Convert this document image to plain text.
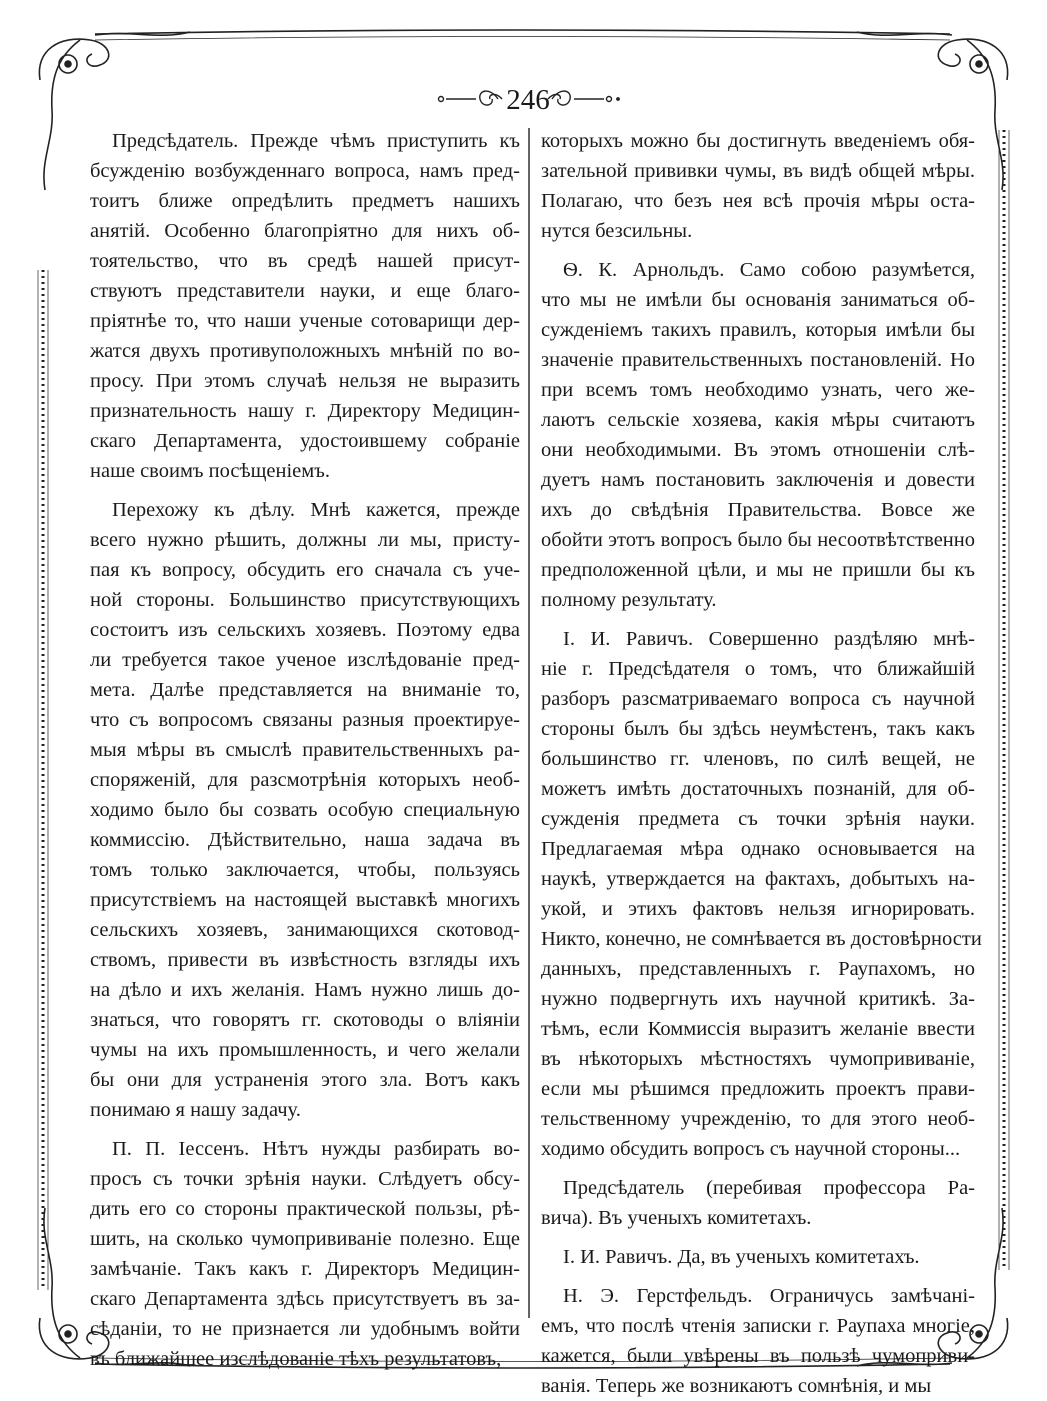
246
Предсѣдатель. Прежде чѣмъ приступить къ
бсужденію возбужденнаго вопроса, намъ пред-
тоитъ ближе опредѣлить предметъ нашихъ
анятій. Особенно благопріятно для нихъ об-
тоятельство, что въ средѣ нашей присут-
ствуютъ представители науки, и еще благо-
пріятнѣе то, что наши ученые сотоварищи дер-
жатся двухъ противуположныхъ мнѣній по во-
просу. При этомъ случаѣ нельзя не выразить
признательность нашу г. Директору Медицин-
скаго Департамента, удостоившему собраніе
наше своимъ посѣщеніемъ.
Перехожу къ дѣлу. Мнѣ кажется, прежде
всего нужно рѣшить, должны ли мы, присту-
пая къ вопросу, обсудить его сначала съ уче-
ной стороны. Большинство присутствующихъ
состоитъ изъ сельскихъ хозяевъ. Поэтому едва
ли требуется такое ученое изслѣдованіе пред-
мета. Далѣе представляется на вниманіе то,
что съ вопросомъ связаны разныя проектируе-
мыя мѣры въ смыслѣ правительственныхъ ра-
споряженій, для разсмотрѣнія которыхъ необ-
ходимо было бы созвать особую специальную
коммиссію. Дѣйствительно, наша задача въ
томъ только заключается, чтобы, пользуясь
присутствіемъ на настоящей выставкѣ многихъ
сельскихъ хозяевъ, занимающихся скотовод-
ствомъ, привести въ извѣстность взгляды ихъ
на дѣло и ихъ желанія. Намъ нужно лишь до-
знаться, что говорятъ гг. скотоводы о вліяніи
чумы на ихъ промышленность, и чего желали
бы они для устраненія этого зла. Вотъ какъ
понимаю я нашу задачу.
П. П. Іессенъ. Нѣтъ нужды разбирать во-
просъ съ точки зрѣнія науки. Слѣдуетъ обсу-
дить его со стороны практической пользы, рѣ-
шить, на сколько чумопрививаніе полезно. Еще
замѣчаніе. Такъ какъ г. Директоръ Медицин-
скаго Департамента здѣсь присутствуетъ въ за-
сѣданіи, то не признается ли удобнымъ войти
въ ближайшее изслѣдованіе тѣхъ результатовъ,
которыхъ можно бы достигнуть введеніемъ обя-
зательной прививки чумы, въ видѣ общей мѣры.
Полагаю, что безъ нея всѣ прочія мѣры оста-
нутся безсильны.
Ѳ. К. Арнольдъ. Само собою разумѣется,
что мы не имѣли бы основанія заниматься об-
сужденіемъ такихъ правилъ, которыя имѣли бы
значеніе правительственныхъ постановленій. Но
при всемъ томъ необходимо узнать, чего же-
лаютъ сельскіе хозяева, какія мѣры считаютъ
они необходимыми. Въ этомъ отношеніи слѣ-
дуетъ намъ постановить заключенія и довести
ихъ до свѣдѣнія Правительства. Вовсе же
обойти этотъ вопросъ было бы несоотвѣтственно
предположенной цѣли, и мы не пришли бы къ
полному результату.
І. И. Равичъ. Совершенно раздѣляю мнѣ-
ніе г. Предсѣдателя о томъ, что ближайшій
разборъ разсматриваемаго вопроса съ научной
стороны былъ бы здѣсь неумѣстенъ, такъ какъ
большинство гг. членовъ, по силѣ вещей, не
можетъ имѣть достаточныхъ познаній, для об-
сужденія предмета съ точки зрѣнія науки.
Предлагаемая мѣра однако основывается на
наукѣ, утверждается на фактахъ, добытыхъ на-
укой, и этихъ фактовъ нельзя игнорировать.
Никто, конечно, не сомнѣвается въ достовѣрности
данныхъ, представленныхъ г. Раупахомъ, но
нужно подвергнуть ихъ научной критикѣ. За-
тѣмъ, если Коммиссія выразитъ желаніе ввести
въ нѣкоторыхъ мѣстностяхъ чумопрививаніе,
если мы рѣшимся предложить проектъ прави-
тельственному учрежденію, то для этого необ-
ходимо обсудить вопросъ съ научной стороны...
Предсѣдатель (перебивая профессора Ра-
вича). Въ ученыхъ комитетахъ.
І. И. Равичъ. Да, въ ученыхъ комитетахъ.
Н. Э. Герстфельдъ. Ограничусь замѣчані-
емъ, что послѣ чтенія записки г. Раупаха многіе,
кажется, были увѣрены въ пользѣ чумоприви-
ванія. Теперь же возникаютъ сомнѣнія, и мы
